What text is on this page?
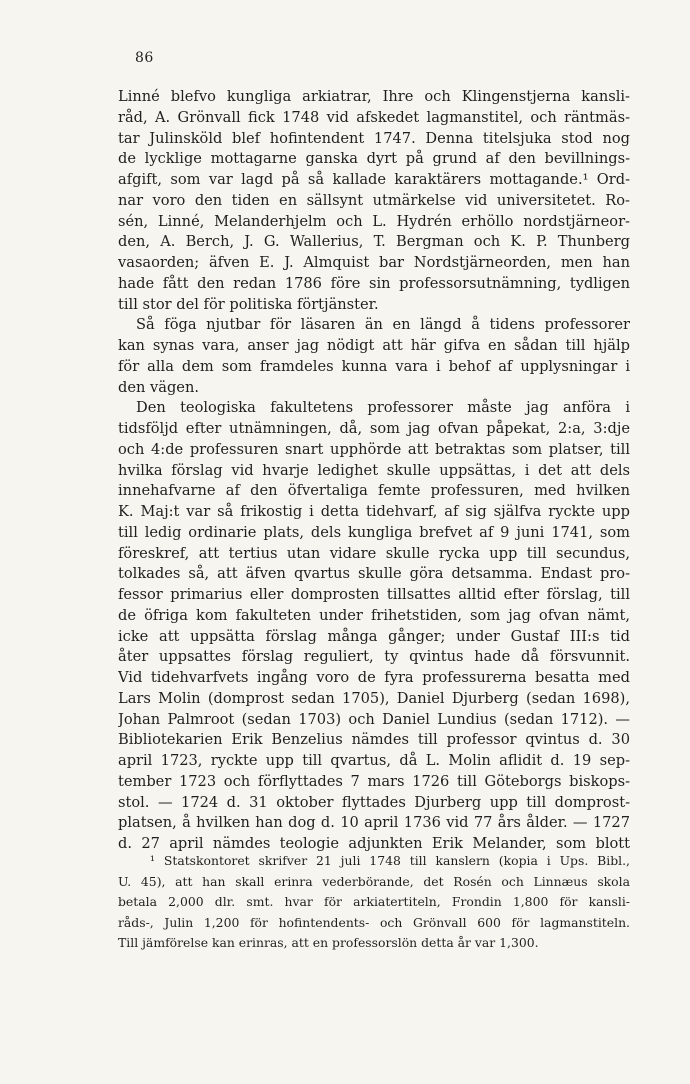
86
Linné blefvo kungliga arkiatrar, Ihre och Klingenstjerna kansli-
råd, A. Grönvall fick 1748 vid afskedet lagmanstitel, och räntmäs-
tar Julinsköld blef hofintendent 1747. Denna titelsjuka stod nog
de lycklige mottagarne ganska dyrt på grund af den bevillnings-
afgift, som var lagd på så kallade karaktärers mottagande.¹ Ord-
nar voro den tiden en sällsynt utmärkelse vid universitetet. Ro-
sén, Linné, Melanderhjelm och L. Hydrén erhöllo nordstjärneor-
den, A. Berch, J. G. Wallerius, T. Bergman och K. P. Thunberg
vasaorden; äfven E. J. Almquist bar Nordstjärneorden, men han
hade fått den redan 1786 före sin professorsutnämning, tydligen
till stor del för politiska förtjänster.
Så föga njutbar för läsaren än en längd å tidens professorer
kan synas vara, anser jag nödigt att här gifva en sådan till hjälp
för alla dem som framdeles kunna vara i behof af upplysningar i
den vägen.
Den teologiska fakultetens professorer måste jag anföra i
tidsföljd efter utnämningen, då, som jag ofvan påpekat, 2:a, 3:dje
och 4:de professuren snart upphörde att betraktas som platser, till
hvilka förslag vid hvarje ledighet skulle uppsättas, i det att dels
innehafvarne af den öfvertaliga femte professuren, med hvilken
K. Maj:t var så frikostig i detta tidehvarf, af sig själfva ryckte upp
till ledig ordinarie plats, dels kungliga brefvet af 9 juni 1741, som
föreskref, att tertius utan vidare skulle rycka upp till secundus,
tolkades så, att äfven qvartus skulle göra detsamma. Endast pro-
fessor primarius eller domprosten tillsattes alltid efter förslag, till
de öfriga kom fakulteten under frihetstiden, som jag ofvan nämt,
icke att uppsätta förslag många gånger; under Gustaf III:s tid
åter uppsattes förslag reguliert, ty qvintus hade då försvunnit.
Vid tidehvarfvets ingång voro de fyra professurerna besatta med
Lars Molin (domprost sedan 1705), Daniel Djurberg (sedan 1698),
Johan Palmroot (sedan 1703) och Daniel Lundius (sedan 1712). —
Bibliotekarien Erik Benzelius nämdes till professor qvintus d. 30
april 1723, ryckte upp till qvartus, då L. Molin aflidit d. 19 sep-
tember 1723 och förflyttades 7 mars 1726 till Göteborgs biskops-
stol. — 1724 d. 31 oktober flyttades Djurberg upp till domprost-
platsen, å hvilken han dog d. 10 april 1736 vid 77 års ålder. — 1727
d. 27 april nämdes teologie adjunkten Erik Melander, som blott
¹ Statskontoret skrifver 21 juli 1748 till kanslern (kopia i Ups. Bibl.,
U. 45), att han skall erinra vederbörande, det Rosén och Linnæus skola
betala 2,000 dlr. smt. hvar för arkiatertiteln, Frondin 1,800 för kansli-
råds-, Julin 1,200 för hofintendents- och Grönvall 600 för lagmanstiteln.
Till jämförelse kan erinras, att en professorslön detta år var 1,300.
